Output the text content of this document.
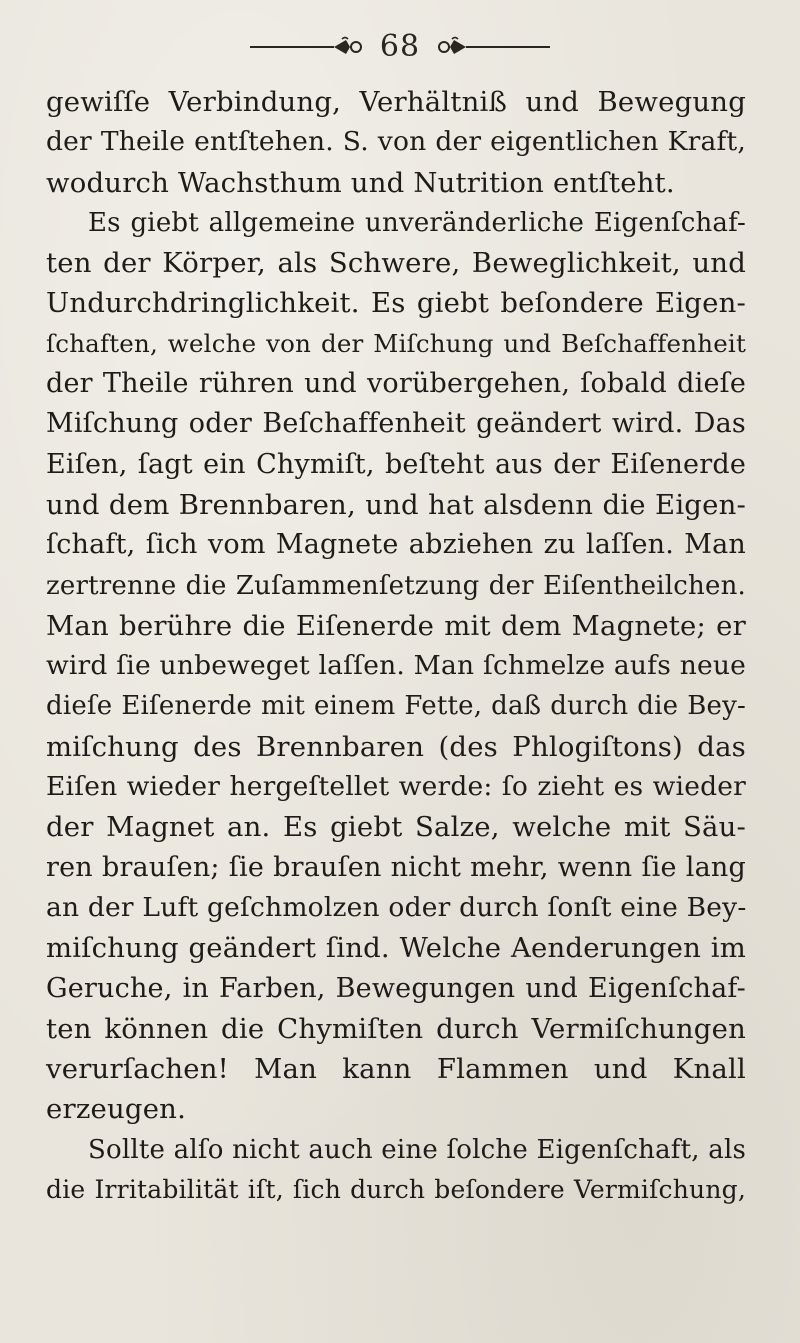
68
gewiſſe Verbindung, Verhältniß und Bewegung
der Theile entſtehen. S. von der eigentlichen Kraft,
wodurch Wachsthum und Nutrition entſteht.
Es giebt allgemeine unveränderliche Eigenſchaf-
ten der Körper, als Schwere, Beweglichkeit, und
Undurchdringlichkeit. Es giebt beſondere Eigen-
ſchaften, welche von der Miſchung und Beſchaffenheit
der Theile rühren und vorübergehen, ſobald dieſe
Miſchung oder Beſchaffenheit geändert wird. Das
Eiſen, ſagt ein Chymiſt, beſteht aus der Eiſenerde
und dem Brennbaren, und hat alsdenn die Eigen-
ſchaft, ſich vom Magnete abziehen zu laſſen. Man
zertrenne die Zuſammenſetzung der Eiſentheilchen.
Man berühre die Eiſenerde mit dem Magnete; er
wird ſie unbeweget laſſen. Man ſchmelze aufs neue
dieſe Eiſenerde mit einem Fette, daß durch die Bey-
miſchung des Brennbaren (des Phlogiſtons) das
Eiſen wieder hergeſtellet werde: ſo zieht es wieder
der Magnet an. Es giebt Salze, welche mit Säu-
ren brauſen; ſie brauſen nicht mehr, wenn ſie lang
an der Luft geſchmolzen oder durch ſonſt eine Bey-
miſchung geändert ſind. Welche Aenderungen im
Geruche, in Farben, Bewegungen und Eigenſchaf-
ten können die Chymiſten durch Vermiſchungen
verurſachen! Man kann Flammen und Knall
erzeugen.
Sollte alſo nicht auch eine ſolche Eigenſchaft, als
die Irritabilität iſt, ſich durch beſondere Vermiſchung,
